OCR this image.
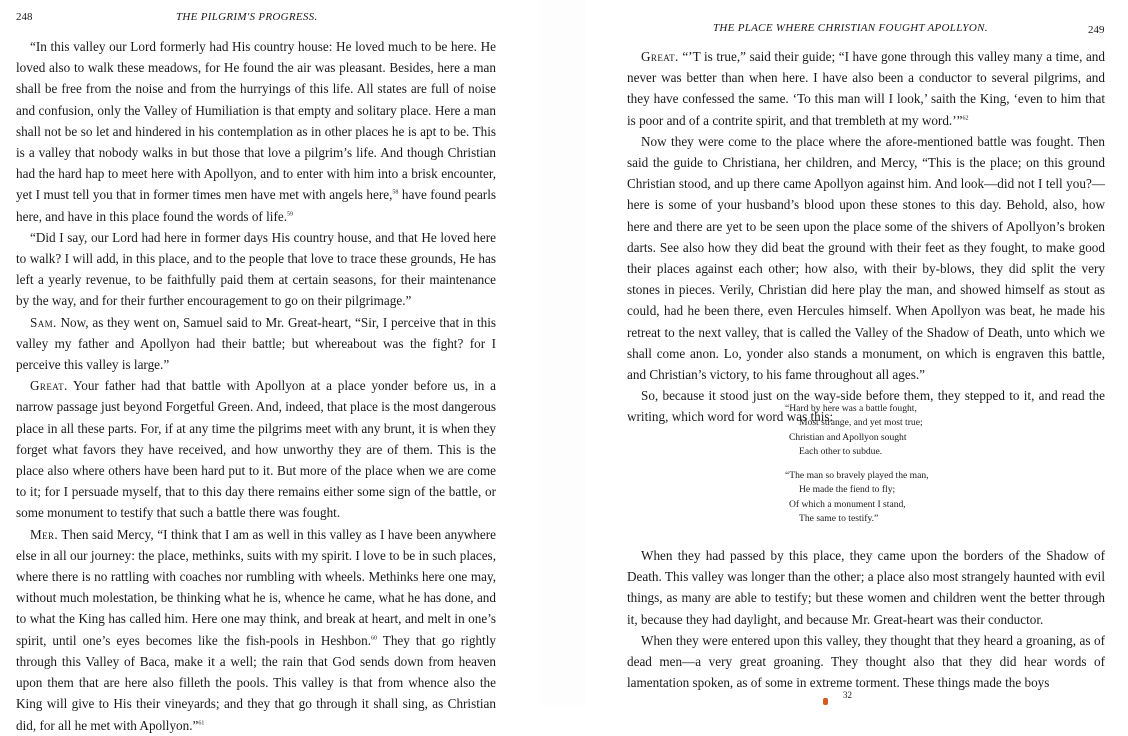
248	THE PILGRIM'S PROGRESS.

“In this valley our Lord formerly had His country house: He loved much to be here. He loved also to walk these meadows, for He found the air was pleasant. Besides, here a man shall be free from the noise and from the hurryings of this life. All states are full of noise and confusion, only the Valley of Humiliation is that empty and solitary place. Here a man shall not be so let and hindered in his contemplation as in other places he is apt to be. This is a valley that nobody walks in but those that love a pilgrim’s life. And though Christian had the hard hap to meet here with Apollyon, and to enter with him into a brisk encounter, yet I must tell you that in former times men have met with angels here,$^{58}$ have found pearls here, and have in this place found the words of life.$^{59}$

“Did I say, our Lord had here in former days His country house, and that He loved here to walk? I will add, in this place, and to the people that love to trace these grounds, He has left a yearly revenue, to be faithfully paid them at certain seasons, for their maintenance by the way, and for their further encouragement to go on their pilgrimage.”

Sam. Now, as they went on, Samuel said to Mr. Great-heart, “Sir, I perceive that in this valley my father and Apollyon had their battle; but whereabout was the fight? for I perceive this valley is large.”

Great. Your father had that battle with Apollyon at a place yonder before us, in a narrow passage just beyond Forgetful Green. And, indeed, that place is the most dangerous place in all these parts. For, if at any time the pilgrims meet with any brunt, it is when they forget what favors they have received, and how unworthy they are of them. This is the place also where others have been hard put to it. But more of the place when we are come to it; for I persuade myself, that to this day there remains either some sign of the battle, or some monument to testify that such a battle there was fought.

Mer. Then said Mercy, “I think that I am as well in this valley as I have been anywhere else in all our journey: the place, methinks, suits with my spirit. I love to be in such places, where there is no rattling with coaches nor rumbling with wheels. Methinks here one may, without much molestation, be thinking what he is, whence he came, what he has done, and to what the King has called him. Here one may think, and break at heart, and melt in one’s spirit, until one’s eyes becomes like the fish-pools in Heshbon.$^{60}$ They that go rightly through this Valley of Baca, make it a well; the rain that God sends down from heaven upon them that are here also filleth the pools. This valley is that from whence also the King will give to His their vineyards; and they that go through it shall sing, as Christian did, for all he met with Apollyon.”$^{61}$

THE PLACE WHERE CHRISTIAN FOUGHT APOLLYON.	249

Great. “’T is true,” said their guide; “I have gone through this valley many a time, and never was better than when here. I have also been a conductor to several pilgrims, and they have confessed the same. ‘To this man will I look,’ saith the King, ‘even to him that is poor and of a contrite spirit, and that trembleth at my word.’”$^{62}$

Now they were come to the place where the afore-mentioned battle was fought. Then said the guide to Christiana, her children, and Mercy, “This is the place; on this ground Christian stood, and up there came Apollyon against him. And look—did not I tell you?—here is some of your husband’s blood upon these stones to this day. Behold, also, how here and there are yet to be seen upon the place some of the shivers of Apollyon’s broken darts. See also how they did beat the ground with their feet as they fought, to make good their places against each other; how also, with their by-blows, they did split the very stones in pieces. Verily, Christian did here play the man, and showed himself as stout as could, had he been there, even Hercules himself. When Apollyon was beat, he made his retreat to the next valley, that is called the Valley of the Shadow of Death, unto which we shall come anon. Lo, yonder also stands a monument, on which is engraven this battle, and Christian’s victory, to his fame throughout all ages.”

So, because it stood just on the way-side before them, they stepped to it, and read the writing, which word for word was this:

“Hard by here was a battle fought,
Most strange, and yet most true;
Christian and Apollyon sought
Each other to subdue.
“The man so bravely played the man,
He made the fiend to fly;
Of which a monument I stand,
The same to testify.”

When they had passed by this place, they came upon the borders of the Shadow of Death. This valley was longer than the other; a place also most strangely haunted with evil things, as many are able to testify; but these women and children went the better through it, because they had daylight, and because Mr. Great-heart was their conductor.

When they were entered upon this valley, they thought that they heard a groaning, as of dead men—a very great groaning. They thought also that they did hear words of lamentation spoken, as of some in extreme torment. These things made the boys

32
